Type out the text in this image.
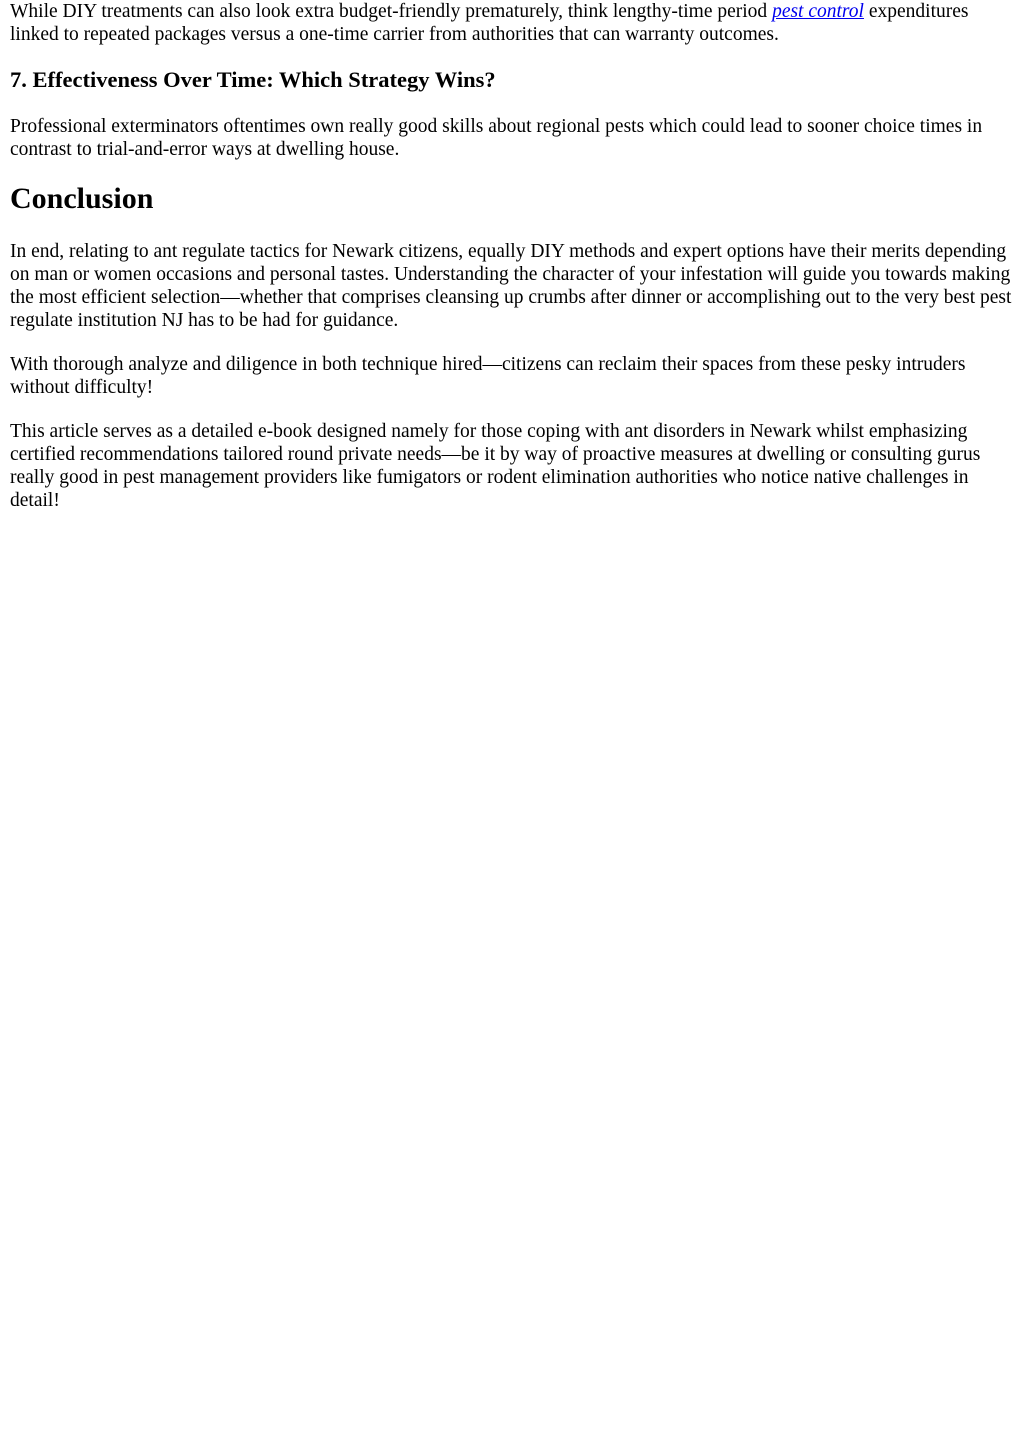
While DIY treatments can also look extra budget-friendly prematurely, think lengthy-time period pest control expenditures linked to repeated packages versus a one-time carrier from authorities that can warranty outcomes.

7. Effectiveness Over Time: Which Strategy Wins?

Professional exterminators oftentimes own really good skills about regional pests which could lead to sooner choice times in contrast to trial-and-error ways at dwelling house.

Conclusion

In end, relating to ant regulate tactics for Newark citizens, equally DIY methods and expert options have their merits depending on man or women occasions and personal tastes. Understanding the character of your infestation will guide you towards making the most efficient selection—whether that comprises cleansing up crumbs after dinner or accomplishing out to the very best pest regulate institution NJ has to be had for guidance.

With thorough analyze and diligence in both technique hired—citizens can reclaim their spaces from these pesky intruders without difficulty!

This article serves as a detailed e-book designed namely for those coping with ant disorders in Newark whilst emphasizing certified recommendations tailored round private needs—be it by way of proactive measures at dwelling or consulting gurus really good in pest management providers like fumigators or rodent elimination authorities who notice native challenges in detail!
